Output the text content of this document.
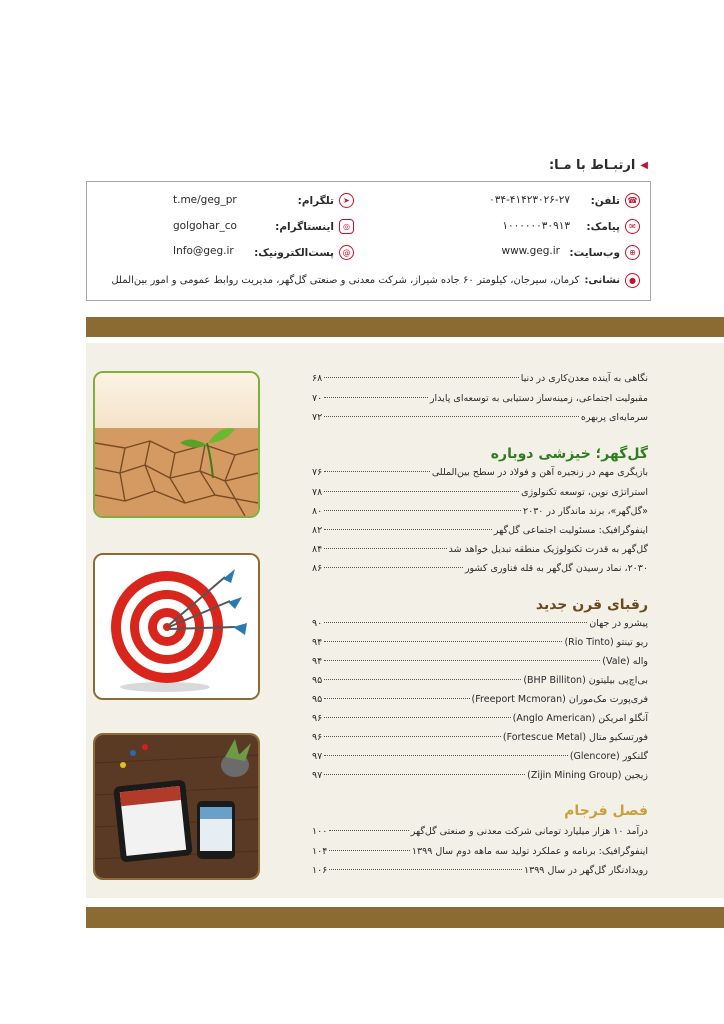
◀
ارتبـاط با مـا:
☎
تلفن:
۰۳۴-۴۱۴۲۳۰۲۶-۲۷
✉
پیامک:
۱۰۰۰۰۰۰۳۰۹۱۳
⊕
وب‌سایت:
www.geg.ir
➤
تلگرام:
t.me/geg_pr
◎
اینستاگرام:
golgohar_co
@
پست‌الکترونیک:
Info@geg.ir
●
نشانی:
کرمان، سیرجان، کیلومتر ۶۰ جاده شیراز، شرکت معدنی و صنعتی گل‌گهر، مدیریت روابط عمومی و امور بین‌الملل
نگاهی به آینده معدن‌کاری در دنیا
۶۸
مقبولیت اجتماعی، زمینه‌ساز دستیابی به توسعه‌ای پایدار
۷۰
سرمایه‌ای پربهره
۷۲
گل‌گهر؛ خیزشی دوباره
بازیگری مهم در زنجیره آهن و فولاد در سطح بین‌المللی
۷۶
استراتژی نوین، توسعه تکنولوژی
۷۸
«گل‌گهر»، برند ماندگار در ۲۰۳۰
۸۰
اینفوگرافیک: مسئولیت اجتماعی گل‌گهر
۸۲
گل‌گهر به قدرت تکنولوژیک منطقه تبدیل خواهد شد
۸۴
۲۰۳۰، نماد رسیدن گل‌گهر به قله فناوری کشور
۸۶
رقبای قرن جدید
پیشرو در جهان
۹۰
ریو تینتو (Rio Tinto)
۹۴
واله (Vale)
۹۴
بی‌اچ‌پی بیلیتون (BHP Billiton)
۹۵
فری‌پورت مک‌موران (Freeport Mcmoran)
۹۵
آنگلو امریکن (Anglo American)
۹۶
فورتسکیو متال (Fortescue Metal)
۹۶
گلنکور (Glencore)
۹۷
زیجین (Zijin Mining Group)
۹۷
فصل فرجام
درآمد ۱۰ هزار میلیارد تومانی شرکت معدنی و صنعتی گل‌گهر
۱۰۰
اینفوگرافیک: برنامه و عملکرد تولید سه ماهه دوم سال ۱۳۹۹
۱۰۴
رویدادنگار گل‌گهر در سال ۱۳۹۹
۱۰۶
